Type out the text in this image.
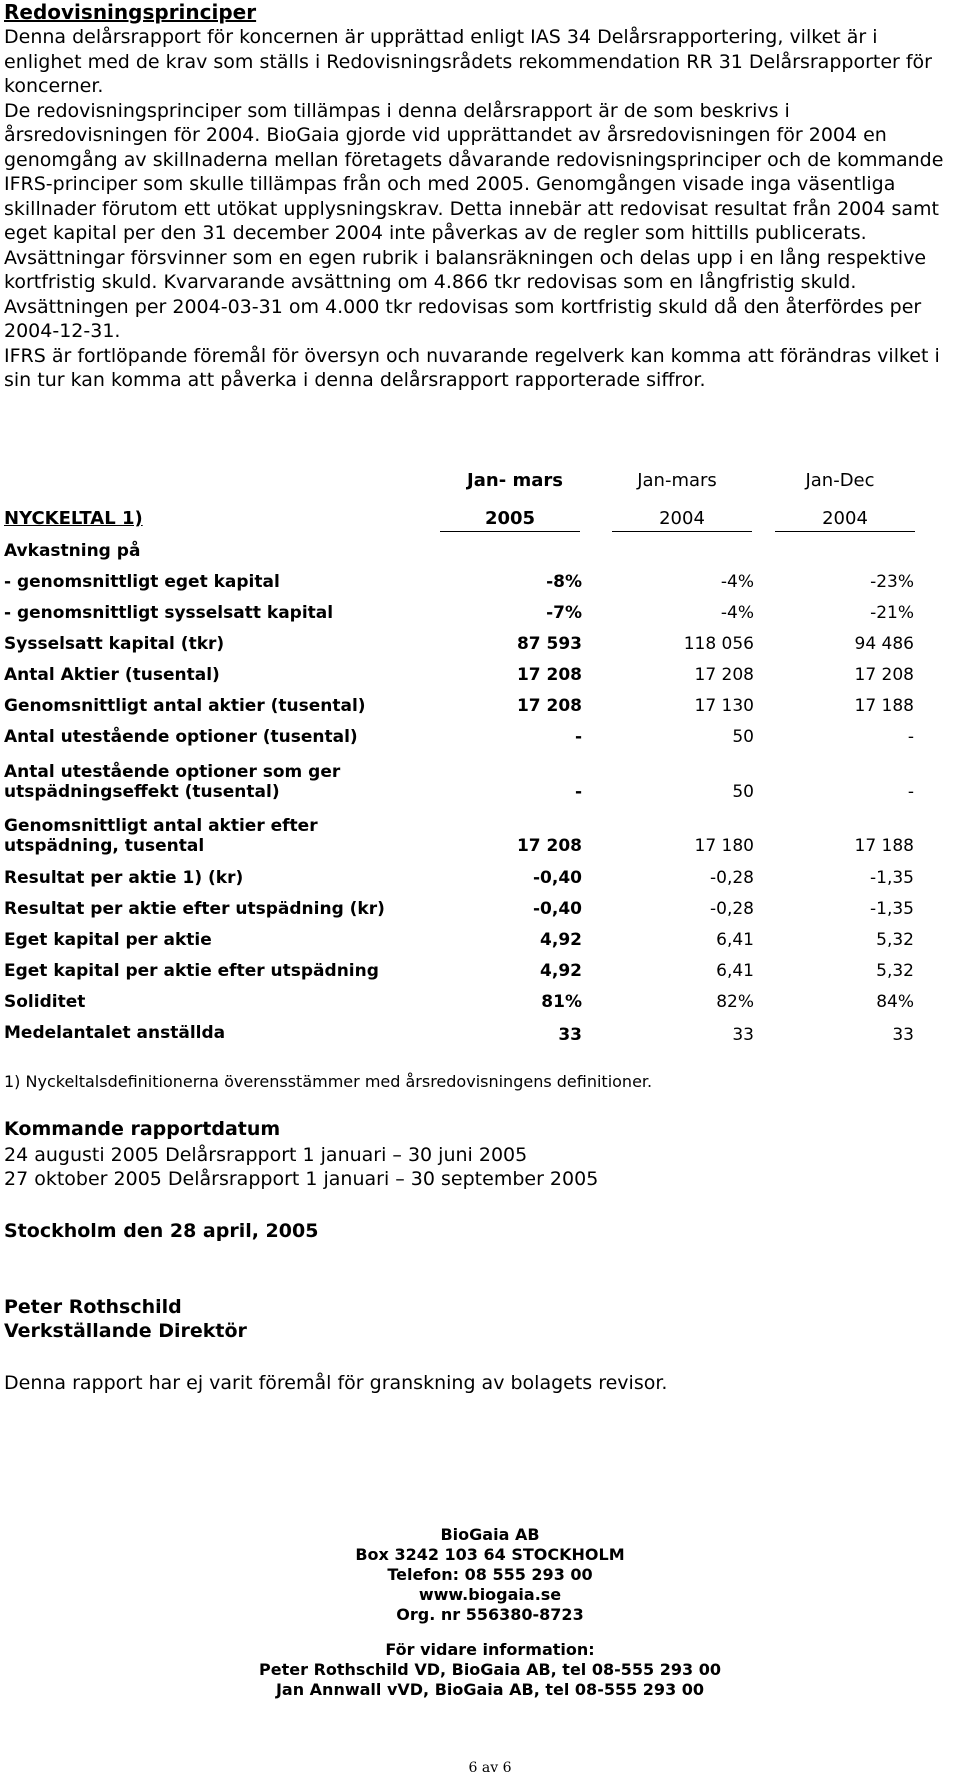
Redovisningsprinciper

Denna delårsrapport för koncernen är upprättad enligt IAS 34 Delårsrapportering, vilket är i enlighet med de krav som ställs i Redovisningsrådets rekommendation RR 31 Delårsrapporter för koncerner.

De redovisningsprinciper som tillämpas i denna delårsrapport är de som beskrivs i årsredovisningen för 2004. BioGaia gjorde vid upprättandet av årsredovisningen för 2004 en genomgång av skillnaderna mellan företagets dåvarande redovisningsprinciper och de kommande IFRS-principer som skulle tillämpas från och med 2005. Genomgången visade inga väsentliga skillnader förutom ett utökat upplysningskrav. Detta innebär att redovisat resultat från 2004 samt eget kapital per den 31 december 2004 inte påverkas av de regler som hittills publicerats.

Avsättningar försvinner som en egen rubrik i balansräkningen och delas upp i en lång respektive kortfristig skuld. Kvarvarande avsättning om 4.866 tkr redovisas som en långfristig skuld. Avsättningen per 2004-03-31 om 4.000 tkr redovisas som kortfristig skuld då den återfördes per 2004-12-31.

IFRS är fortlöpande föremål för översyn och nuvarande regelverk kan komma att förändras vilket i sin tur kan komma att påverka i denna delårsrapport rapporterade siffror.

Jan- mars	Jan-mars	Jan-Dec
NYCKELTAL 1)	2005	2004	2004
Avkastning på
- genomsnittligt eget kapital	-8%	-4%	-23%
- genomsnittligt sysselsatt kapital	-7%	-4%	-21%
Sysselsatt kapital (tkr)	87 593	118 056	94 486
Antal Aktier (tusental)	17 208	17 208	17 208
Genomsnittligt antal aktier (tusental)	17 208	17 130	17 188
Antal utestående optioner (tusental)	-	50	-
Antal utestående optioner som ger utspädningseffekt (tusental)	-	50	-
Genomsnittligt antal aktier efter utspädning, tusental	17 208	17 180	17 188
Resultat per aktie 1) (kr)	-0,40	-0,28	-1,35
Resultat per aktie efter utspädning (kr)	-0,40	-0,28	-1,35
Eget kapital per aktie	4,92	6,41	5,32
Eget kapital per aktie efter utspädning	4,92	6,41	5,32
Soliditet	81%	82%	84%
Medelantalet anställda	33	33	33
1) Nyckeltalsdefinitionerna överensstämmer med årsredovisningens definitioner.
Kommande rapportdatum
24 augusti 2005 Delårsrapport 1 januari – 30 juni 2005
27 oktober 2005 Delårsrapport 1 januari – 30 september 2005
Stockholm den 28 april, 2005
Peter Rothschild
Verkställande Direktör
Denna rapport har ej varit föremål för granskning av bolagets revisor.
BioGaia AB
Box 3242 103 64 STOCKHOLM
Telefon: 08 555 293 00
www.biogaia.se
Org. nr 556380-8723
För vidare information:
Peter Rothschild VD, BioGaia AB, tel 08-555 293 00
Jan Annwall vVD, BioGaia AB, tel 08-555 293 00
6 av 6
